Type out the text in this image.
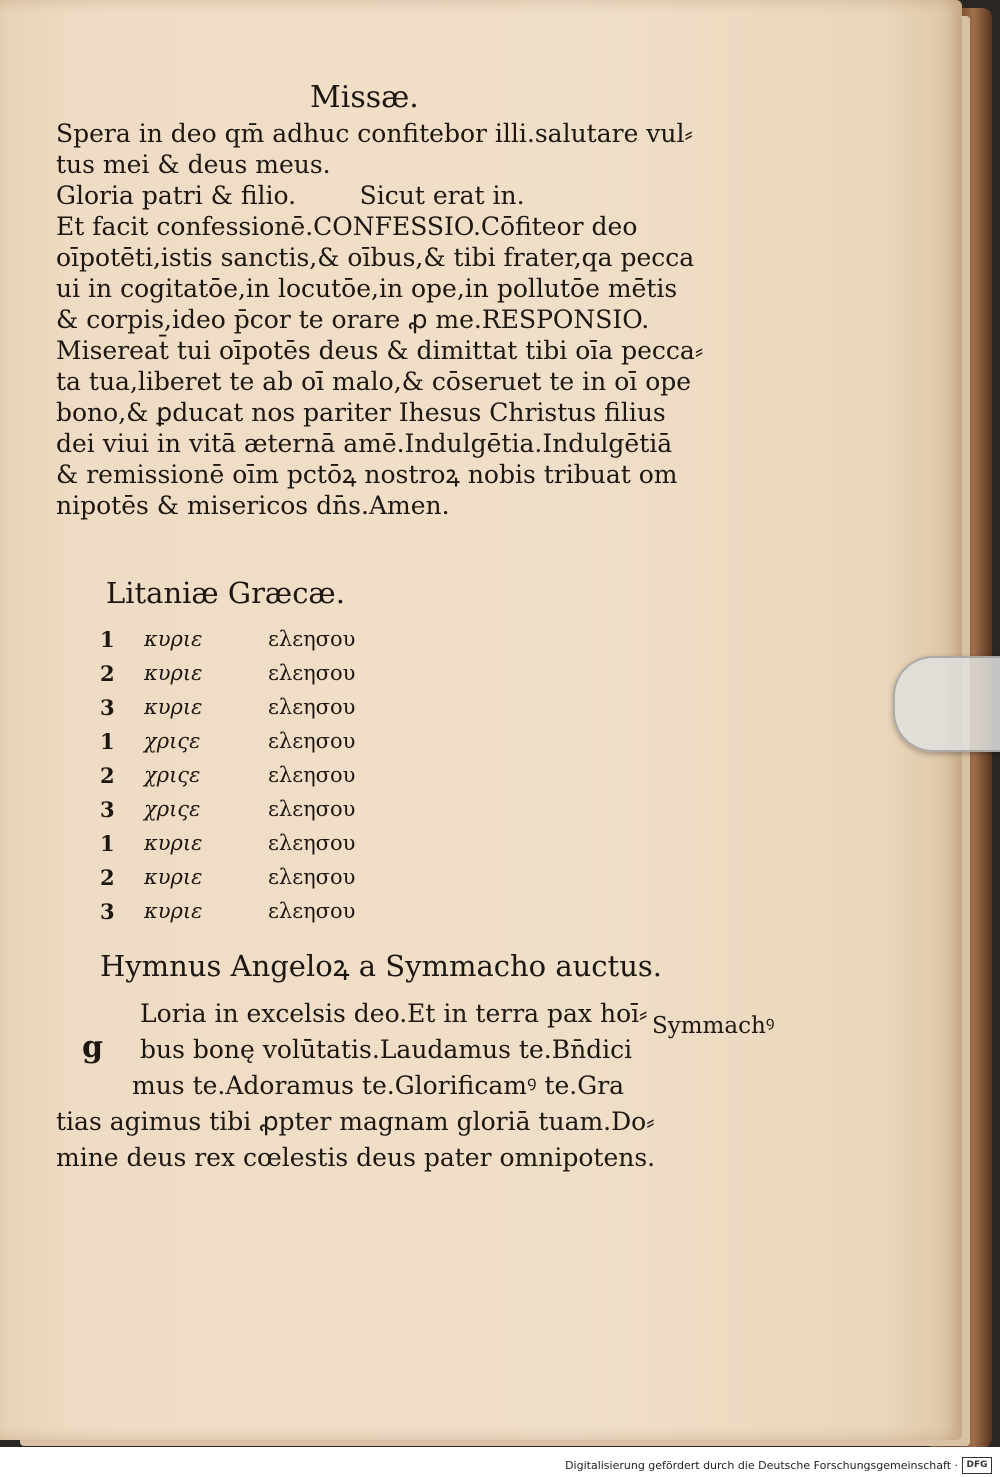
Missæ.
Spera in deo qm̄ adhuc confitebor illi.salutare vul⸗
tus mei & deus meus.
Gloria patri & filio.        Sicut erat in.
Et facit confessionē.CONFESSIO.Cōfiteor deo
oīpotēti,istis sanctis,& oībus,& tibi frater,qa pecca
ui in cogitatōe,in locutōe,in ope,in pollutōe mētis
& corpis,ideo p̄cor te orare ꝓ me.RESPONSIO.
Misereat̄ tui oīpotēs deus & dimittat tibi oīa pecca⸗
ta tua,liberet te ab oī malo,& cōseruet te in oī ope
bono,& ꝑducat nos pariter Ihesus Christus filius
dei viui in vitā æternā amē.Indulgētia.Indulgētiā
& remissionē oīm pctōꝝ nostroꝝ nobis tribuat om
nipotēs & misericos dn̄s.Amen.
Litaniæ Græcæ.
1	κυριε	ελεησου
2	κυριε	ελεησου
3	κυριε	ελεησου
1	χριςε	ελεησου
2	χριςε	ελεησου
3	χριςε	ελεησου
1	κυριε	ελεησου
2	κυριε	ελεησου
3	κυριε	ελεησου
Hymnus Angeloꝝ a Symmacho auctus.
Symmachꝰ
g
Loria in excelsis deo.Et in terra pax hoī⸗
bus bonę volūtatis.Laudamus te.Bn̄dici
mus te.Adoramus te.Glorificamꝰ te.Gra
tias agimus tibi ꝓpter magnam gloriā tuam.Do⸗
mine deus rex cœlestis deus pater omnipotens.
Digitalisierung gefördert durch die Deutsche Forschungsgemeinschaft · DFG
